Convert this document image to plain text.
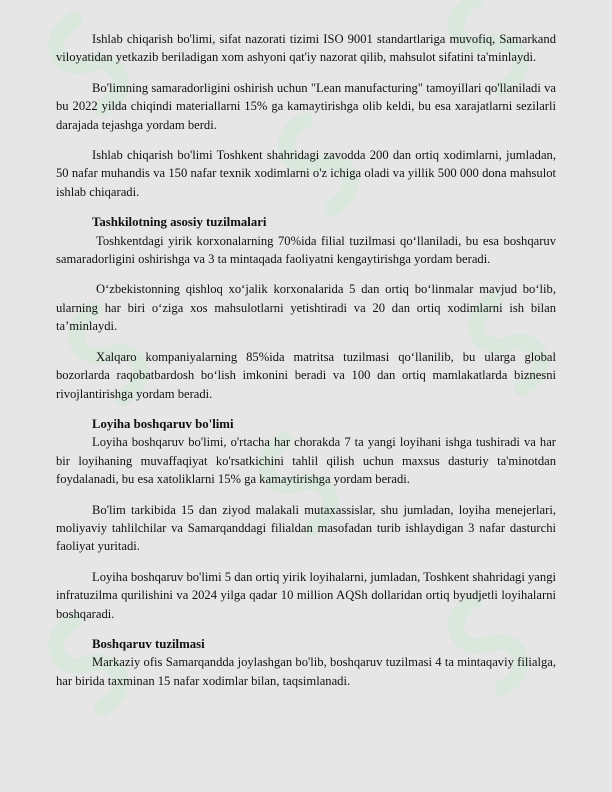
Ishlab chiqarish bo'limi, sifat nazorati tizimi ISO 9001 standartlariga muvofiq, Samarkand viloyatidan yetkazib beriladigan xom ashyoni qat'iy nazorat qilib, mahsulot sifatini ta'minlaydi.

Bo'limning samaradorligini oshirish uchun "Lean manufacturing" tamoyillari qo'llaniladi va bu 2022 yilda chiqindi materiallarni 15% ga kamaytirishga olib keldi, bu esa xarajatlarni sezilarli darajada tejashga yordam berdi.

Ishlab chiqarish bo'limi Toshkent shahridagi zavodda 200 dan ortiq xodimlarni, jumladan, 50 nafar muhandis va 150 nafar texnik xodimlarni o'z ichiga oladi va yillik 500 000 dona mahsulot ishlab chiqaradi.

Tashkilotning asosiy tuzilmalari

Toshkentdagi yirik korxonalarning 70%ida filial tuzilmasi qo‘llaniladi, bu esa boshqaruv samaradorligini oshirishga va 3 ta mintaqada faoliyatni kengaytirishga yordam beradi.

O‘zbekistonning qishloq xo‘jalik korxonalarida 5 dan ortiq bo‘linmalar mavjud bo‘lib, ularning har biri o‘ziga xos mahsulotlarni yetishtiradi va 20 dan ortiq xodimlarni ish bilan ta’minlaydi.

Xalqaro kompaniyalarning 85%ida matritsa tuzilmasi qo‘llanilib, bu ularga global bozorlarda raqobatbardosh bo‘lish imkonini beradi va 100 dan ortiq mamlakatlarda biznesni rivojlantirishga yordam beradi.

Loyiha boshqaruv bo'limi

Loyiha boshqaruv bo'limi, o'rtacha har chorakda 7 ta yangi loyihani ishga tushiradi va har bir loyihaning muvaffaqiyat ko'rsatkichini tahlil qilish uchun maxsus dasturiy ta'minotdan foydalanadi, bu esa xatoliklarni 15% ga kamaytirishga yordam beradi.

Bo'lim tarkibida 15 dan ziyod malakali mutaxassislar, shu jumladan, loyiha menejerlari, moliyaviy tahlilchilar va Samarqanddagi filialdan masofadan turib ishlaydigan 3 nafar dasturchi faoliyat yuritadi.

Loyiha boshqaruv bo'limi 5 dan ortiq yirik loyihalarni, jumladan, Toshkent shahridagi yangi infratuzilma qurilishini va 2024 yilga qadar 10 million AQSh dollaridan ortiq byudjetli loyihalarni boshqaradi.

Boshqaruv tuzilmasi

Markaziy ofis Samarqandda joylashgan bo'lib, boshqaruv tuzilmasi 4 ta mintaqaviy filialga, har birida taxminan 15 nafar xodimlar bilan, taqsimlanadi.
